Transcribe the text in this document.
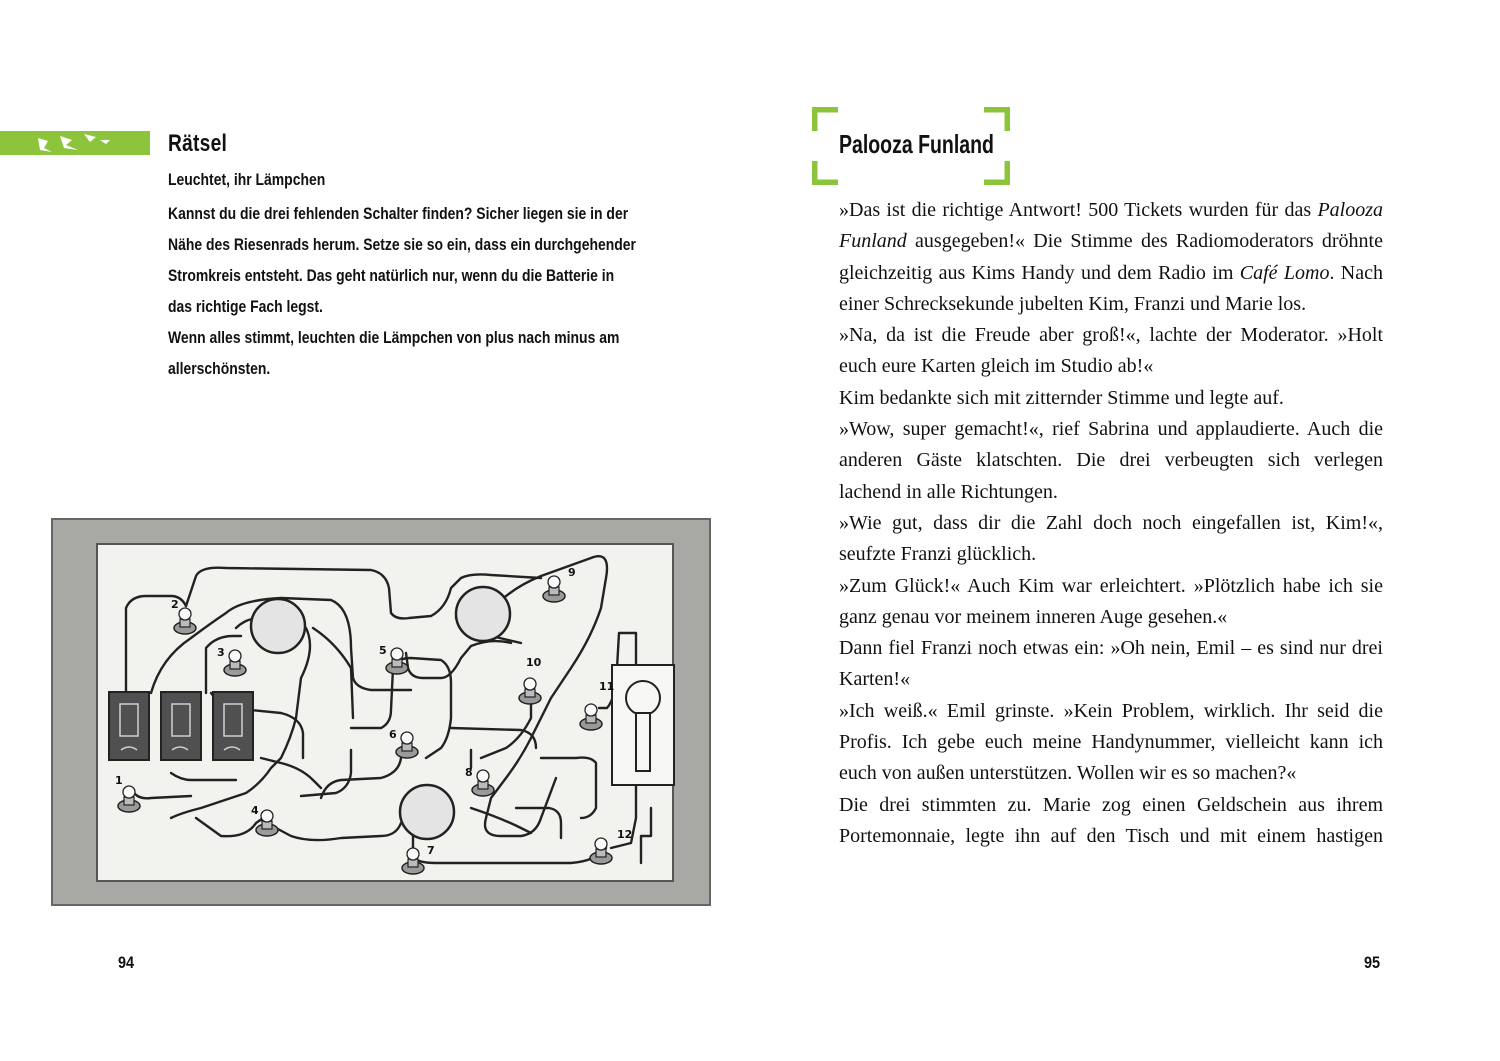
Rätsel
Leuchtet, ihr Lämpchen

Kannst du die drei fehlenden Schalter finden? Sicher liegen sie in der Nähe des Riesenrads herum. Setze sie so ein, dass ein durchgehender Stromkreis entsteht. Das geht natürlich nur, wenn du die Batterie in das richtige Fach legst.

Wenn alles stimmt, leuchten die Lämpchen von plus nach minus am allerschönsten.

1
2
3
4
5
6
7
8
9
10
11
12
94
Palooza Funland

»Das ist die richtige Antwort! 500 Tickets wurden für das Palooza Funland ausgegeben!« Die Stimme des Radiomoderators dröhnte gleichzeitig aus Kims Handy und dem Radio im Café Lomo. Nach einer Schrecksekunde jubelten Kim, Franzi und Marie los.

»Na, da ist die Freude aber groß!«, lachte der Moderator. »Holt euch eure Karten gleich im Studio ab!«

Kim bedankte sich mit zitternder Stimme und legte auf.

»Wow, super gemacht!«, rief Sabrina und applaudierte. Auch die anderen Gäste klatschten. Die drei verbeugten sich verlegen lachend in alle Richtungen.

»Wie gut, dass dir die Zahl doch noch eingefallen ist, Kim!«, seufzte Franzi glücklich.

»Zum Glück!« Auch Kim war erleichtert. »Plötzlich habe ich sie ganz genau vor meinem inneren Auge gesehen.«

Dann fiel Franzi noch etwas ein: »Oh nein, Emil – es sind nur drei Karten!«

»Ich weiß.« Emil grinste. »Kein Problem, wirklich. Ihr seid die Profis. Ich gebe euch meine Handynummer, vielleicht kann ich euch von außen unterstützen. Wollen wir es so machen?«

Die drei stimmten zu. Marie zog einen Geldschein aus ihrem Portemonnaie, legte ihn auf den Tisch und mit einem hastigen

95
